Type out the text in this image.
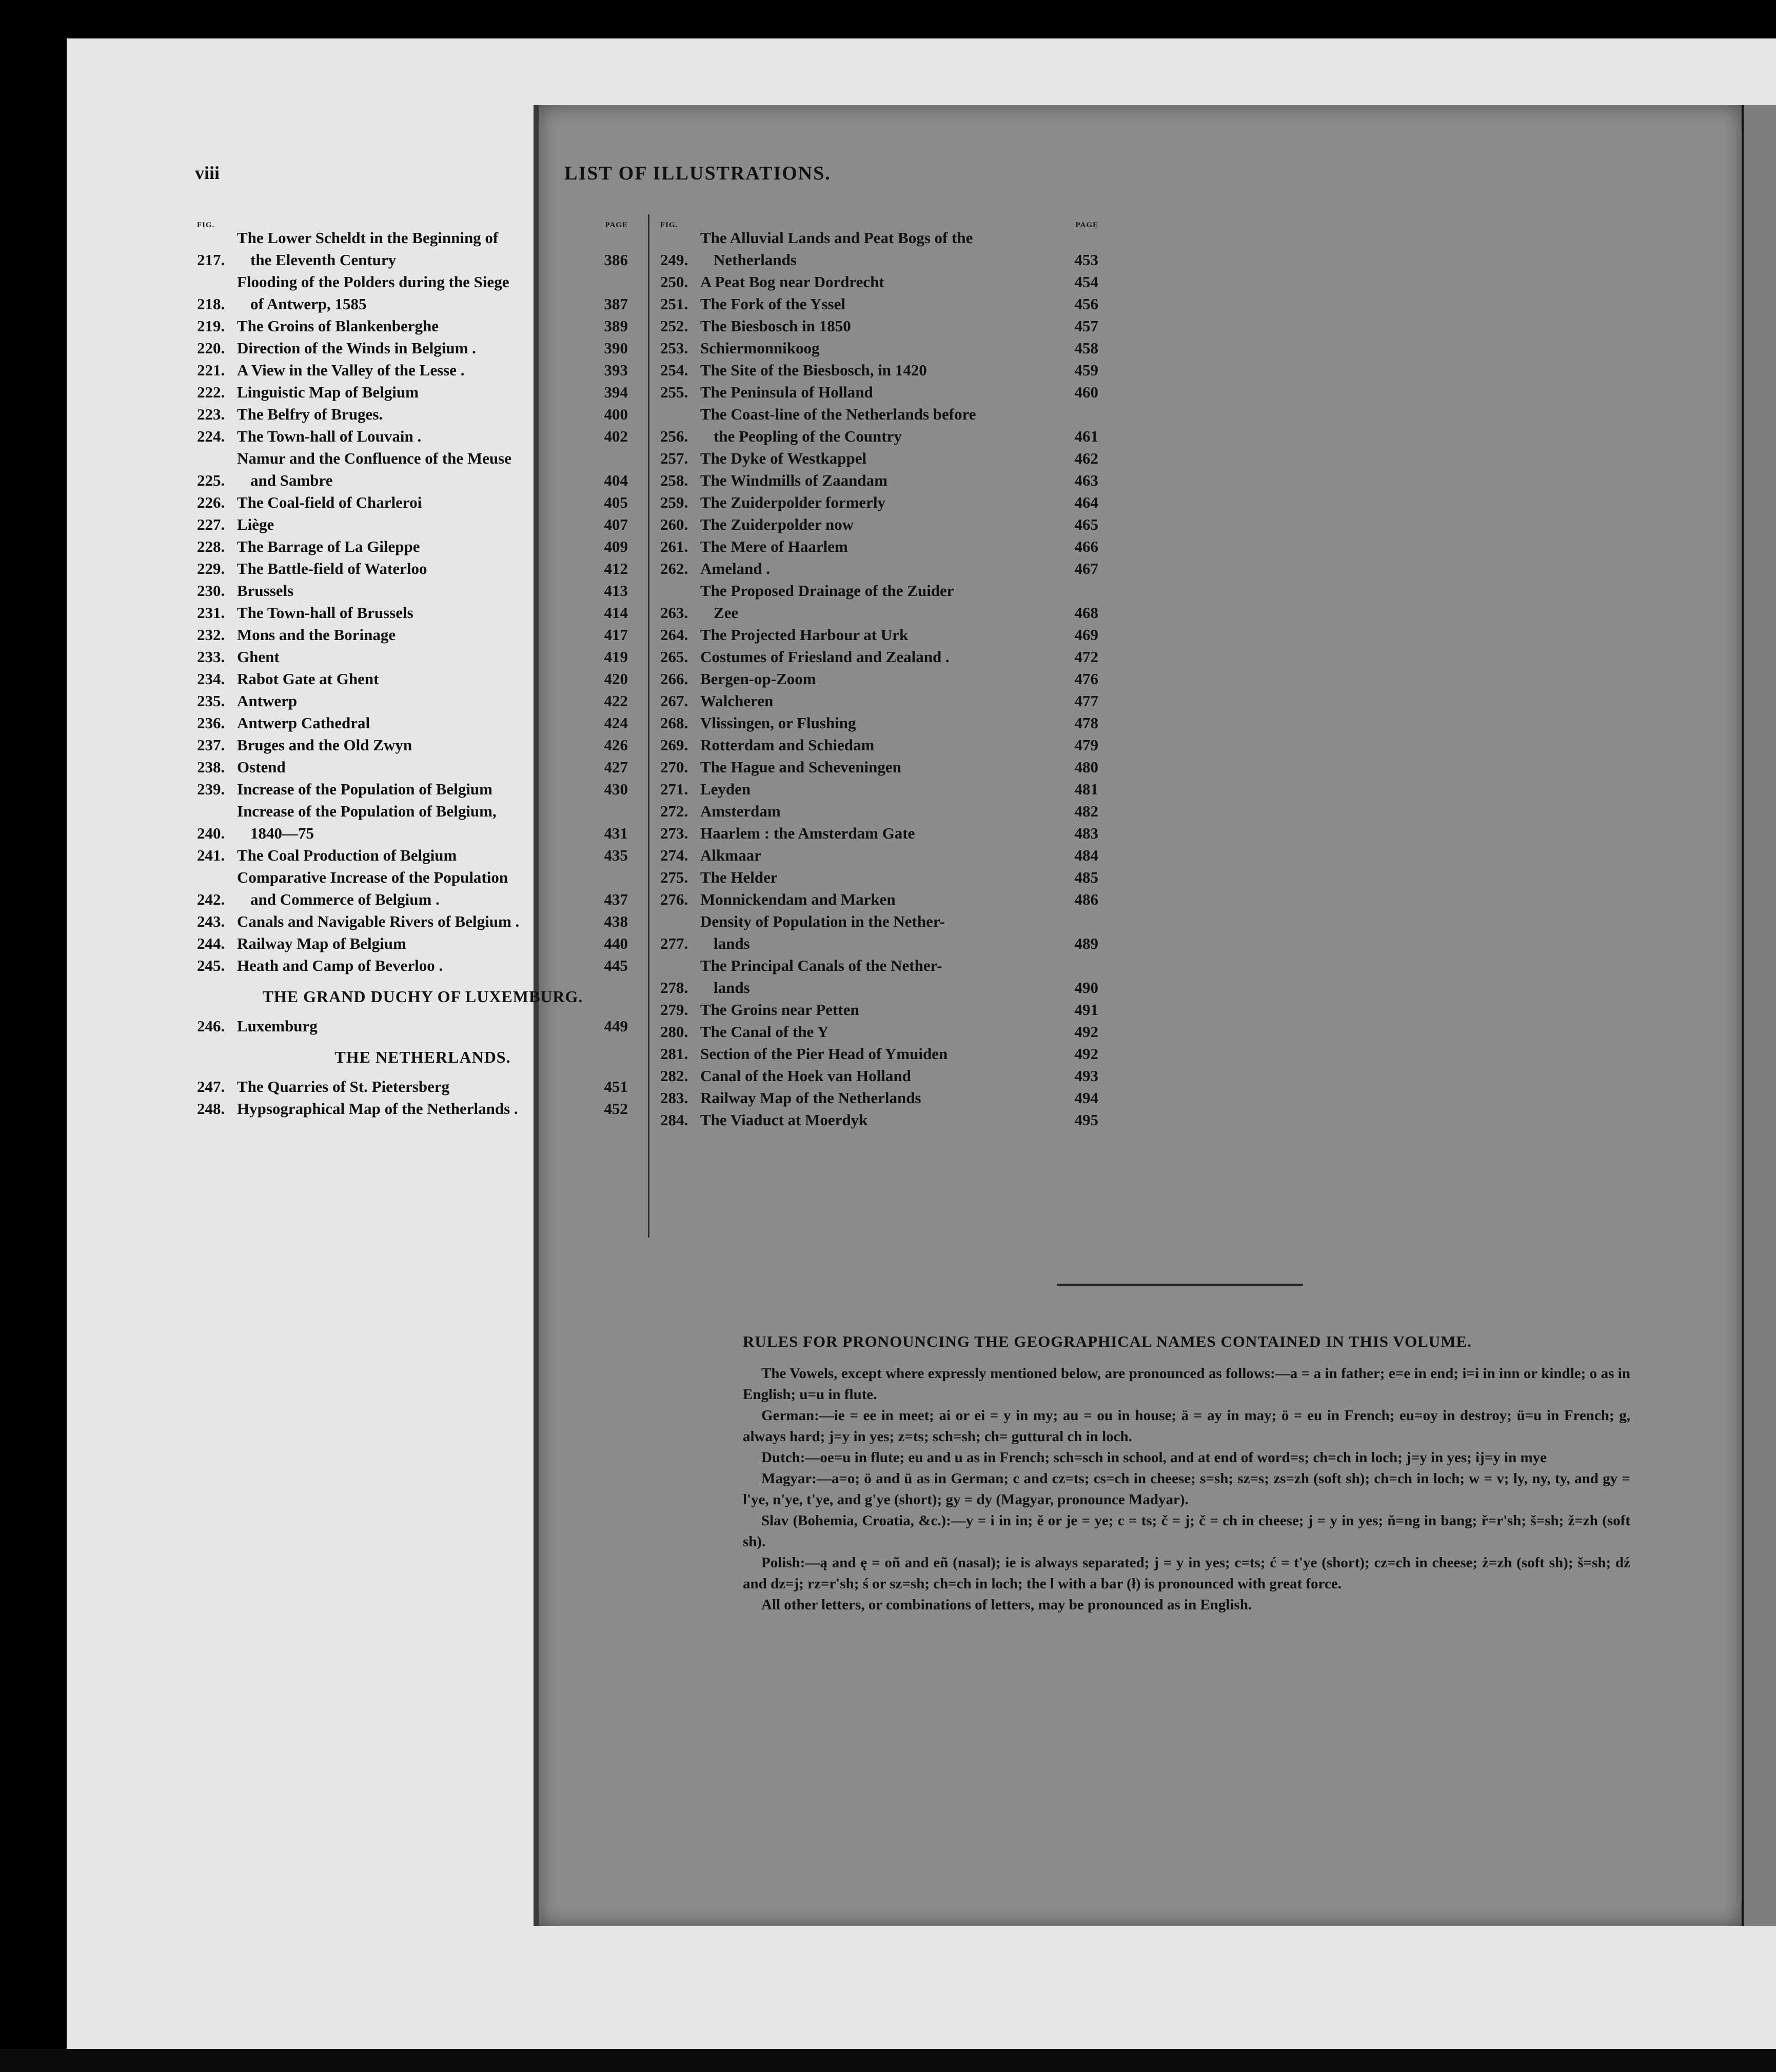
viii	LIST OF ILLUSTRATIONS.
FIG.	PAGE
217.
The Lower Scheldt in the Beginning of
the Eleventh Century	386
218.
Flooding of the Polders during the Siege
of Antwerp, 1585	387
219. The Groins of Blankenberghe	389
220. Direction of the Winds in Belgium .	390
221. A View in the Valley of the Lesse .	393
222. Linguistic Map of Belgium	394
223. The Belfry of Bruges.	400
224. The Town-hall of Louvain .	402
225.
Namur and the Confluence of the Meuse
and Sambre	404
226. The Coal-field of Charleroi	405
227. Liège	407
228. The Barrage of La Gileppe	409
229. The Battle-field of Waterloo	412
230. Brussels	413
231. The Town-hall of Brussels	414
232. Mons and the Borinage	417
233. Ghent	419
234. Rabot Gate at Ghent	420
235. Antwerp	422
236. Antwerp Cathedral	424
237. Bruges and the Old Zwyn	426
238. Ostend	427
239. Increase of the Population of Belgium	430
240.
Increase of the Population of Belgium,
1840—75	431
241. The Coal Production of Belgium	435
242.
Comparative Increase of the Population
and Commerce of Belgium .	437
243. Canals and Navigable Rivers of Belgium .	438
244. Railway Map of Belgium	440
245. Heath and Camp of Beverloo .	445
THE GRAND DUCHY OF LUXEMBURG.
246. Luxemburg	449
THE NETHERLANDS.
247. The Quarries of St. Pietersberg	451
248. Hypsographical Map of the Netherlands .	452
FIG.	PAGE
249.
The Alluvial Lands and Peat Bogs of the
Netherlands	453
250. A Peat Bog near Dordrecht	454
251. The Fork of the Yssel	456
252. The Biesbosch in 1850	457
253. Schiermonnikoog	458
254. The Site of the Biesbosch, in 1420	459
255. The Peninsula of Holland	460
256.
The Coast-line of the Netherlands before
the Peopling of the Country	461
257. The Dyke of Westkappel	462
258. The Windmills of Zaandam	463
259. The Zuiderpolder formerly	464
260. The Zuiderpolder now	465
261. The Mere of Haarlem	466
262. Ameland .	467
263.
The Proposed Drainage of the Zuider
Zee	468
264. The Projected Harbour at Urk	469
265. Costumes of Friesland and Zealand .	472
266. Bergen-op-Zoom	476
267. Walcheren	477
268. Vlissingen, or Flushing	478
269. Rotterdam and Schiedam	479
270. The Hague and Scheveningen	480
271. Leyden	481
272. Amsterdam	482
273. Haarlem : the Amsterdam Gate	483
274. Alkmaar	484
275. The Helder	485
276. Monnickendam and Marken	486
277.
Density of Population in the Nether-
lands	489
278.
The Principal Canals of the Nether-
lands	490
279. The Groins near Petten	491
280. The Canal of the Y	492
281. Section of the Pier Head of Ymuiden	492
282. Canal of the Hoek van Holland	493
283. Railway Map of the Netherlands	494
284. The Viaduct at Moerdyk	495
RULES FOR PRONOUNCING THE GEOGRAPHICAL NAMES CONTAINED IN THIS VOLUME.

The Vowels, except where expressly mentioned below, are pronounced as follows:—a = a in father; e=e in end; i=i in inn or kindle; o as in English; u=u in flute.

German:—ie = ee in meet; ai or ei = y in my; au = ou in house; ä = ay in may; ö = eu in French; eu=oy in destroy; ü=u in French; g, always hard; j=y in yes; z=ts; sch=sh; ch= guttural ch in loch.

Dutch:—oe=u in flute; eu and u as in French; sch=sch in school, and at end of word=s; ch=ch in loch; j=y in yes; ij=y in mye

Magyar:—a=o; ö and ü as in German; c and cz=ts; cs=ch in cheese; s=sh; sz=s; zs=zh (soft sh); ch=ch in loch; w = v; ly, ny, ty, and gy = l'ye, n'ye, t'ye, and g'ye (short); gy = dy (Magyar, pronounce Madyar).

Slav (Bohemia, Croatia, &c.):—y = i in in; ě or je = ye; c = ts; č = j; č = ch in cheese; j = y in yes; ň=ng in bang; ř=r'sh; š=sh; ž=zh (soft sh).

Polish:—ą and ę = oñ and eñ (nasal); ie is always separated; j = y in yes; c=ts; ć = t'ye (short); cz=ch in cheese; ż=zh (soft sh); š=sh; dź and dz=j; rz=r'sh; ś or sz=sh; ch=ch in loch; the l with a bar (ł) is pronounced with great force.

All other letters, or combinations of letters, may be pronounced as in English.
